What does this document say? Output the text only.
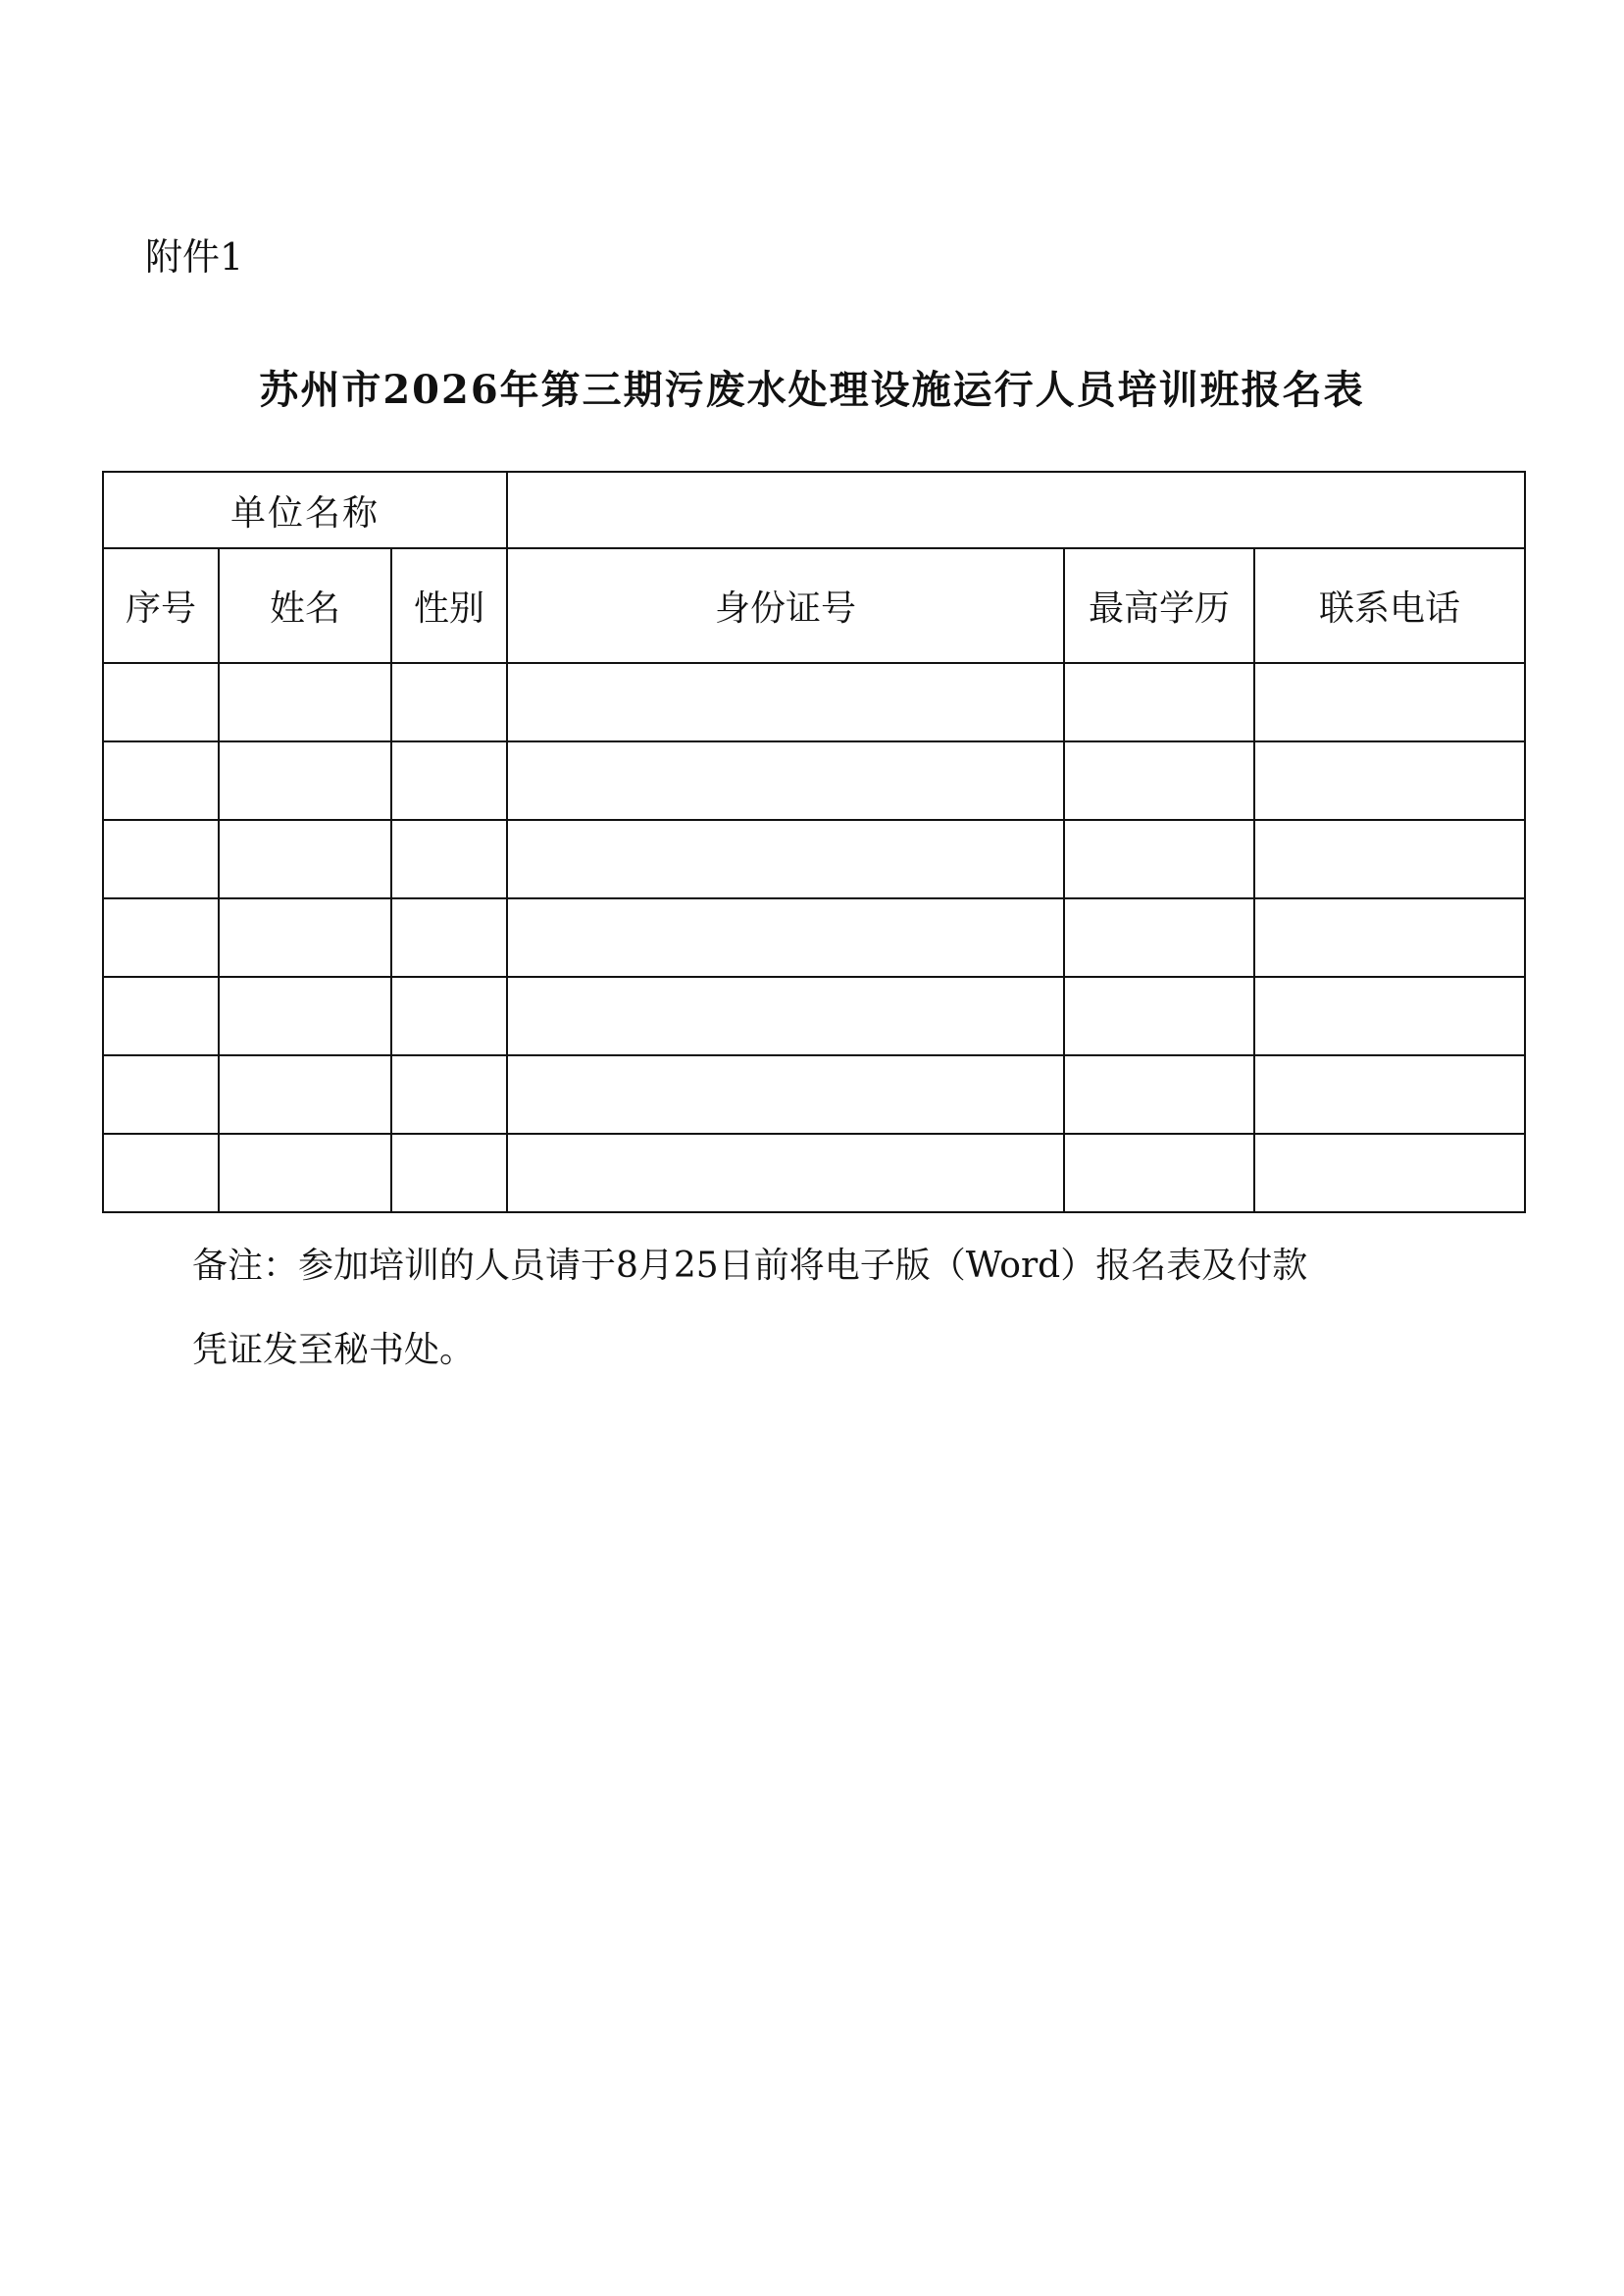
附件1
苏州市2026年第三期污废水处理设施运行人员培训班报名表
单位名称					
序号	姓名	性别	身份证号	最高学历	联系电话

备注：参加培训的人员请于8月25日前将电子版（Word）报名表及付款
凭证发至秘书处。
